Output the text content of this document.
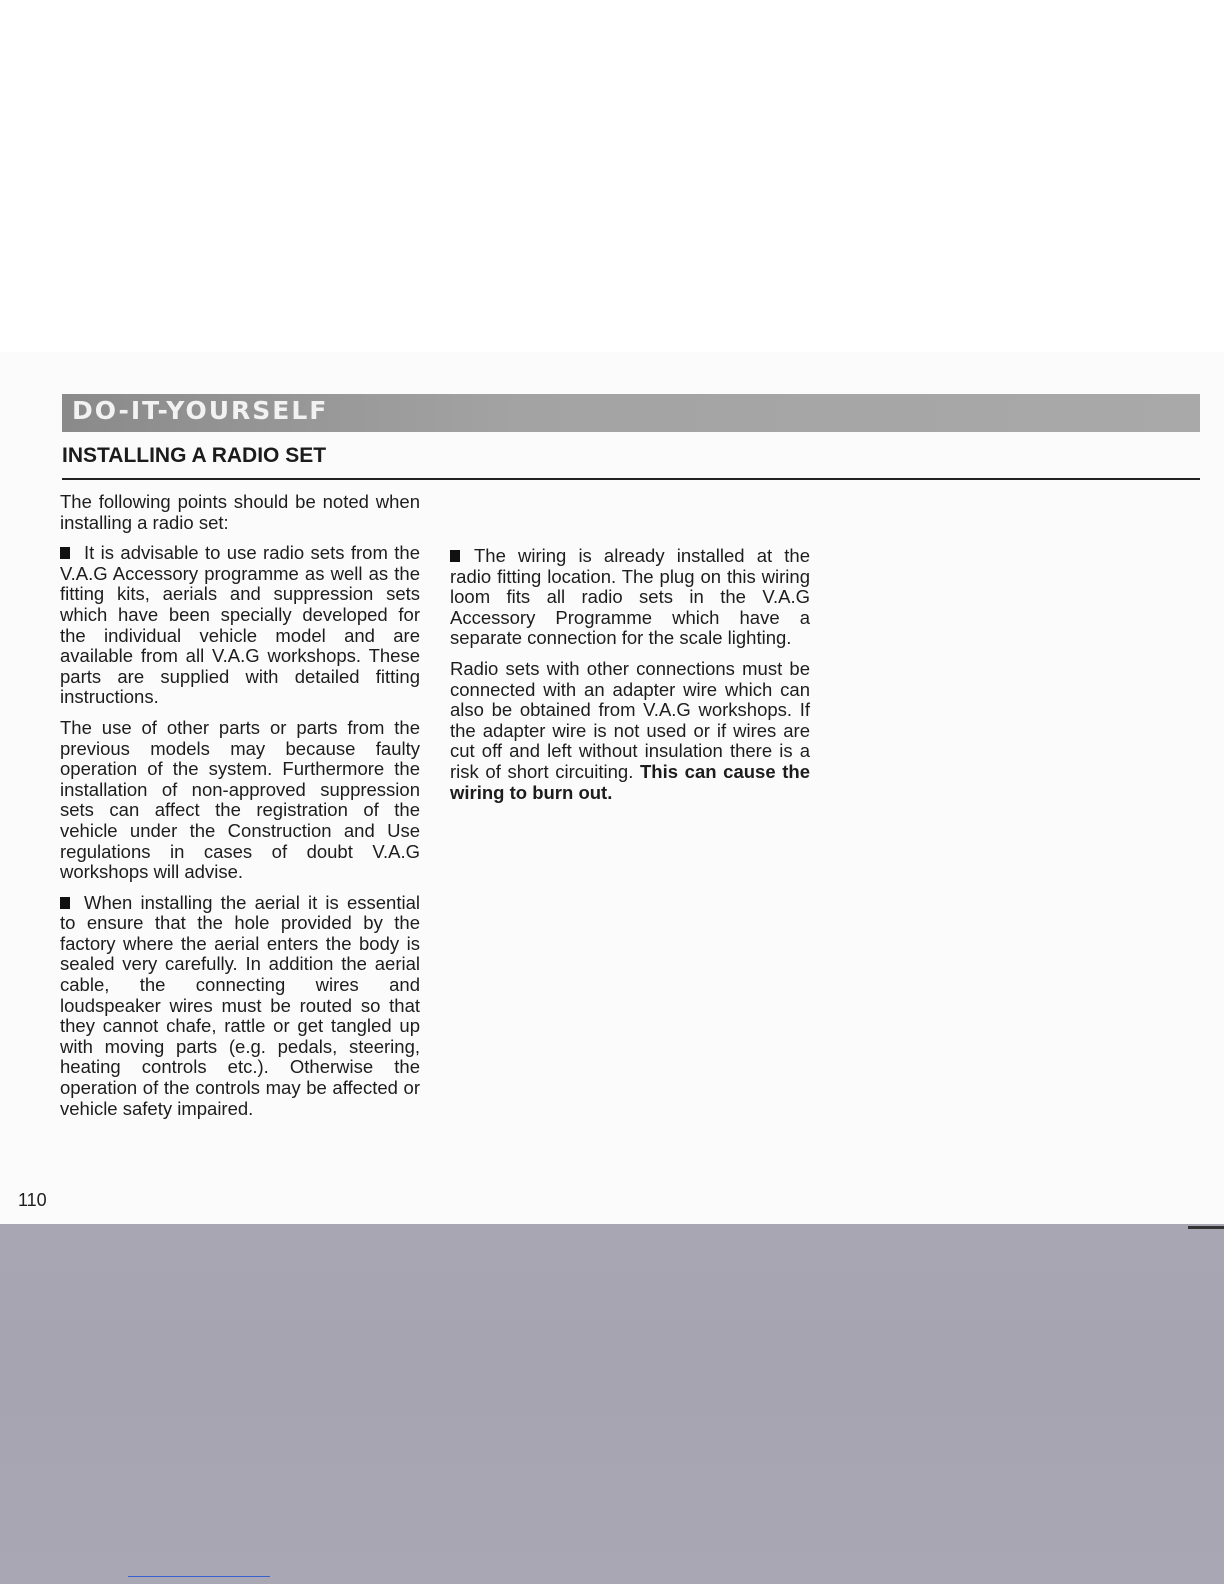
DO-IT-YOURSELF
INSTALLING A RADIO SET

The following points should be noted when installing a radio set:

It is advisable to use radio sets from the V.A.G Accessory programme as well as the fitting kits, aerials and suppression sets which have been specially developed for the individual vehicle model and are available from all V.A.G workshops. These parts are supplied with detailed fitting instructions.

The use of other parts or parts from the previous models may because faulty operation of the system. Furthermore the installation of non-approved suppression sets can affect the registration of the vehicle under the Construction and Use regulations in cases of doubt V.A.G workshops will advise.

When installing the aerial it is essential to ensure that the hole provided by the factory where the aerial enters the body is sealed very carefully. In addition the aerial cable, the connecting wires and loudspeaker wires must be routed so that they cannot chafe, rattle or get tangled up with moving parts (e.g. pedals, steering, heating controls etc.). Otherwise the operation of the controls may be affected or vehicle safety impaired.

The wiring is already installed at the radio fitting location. The plug on this wiring loom fits all radio sets in the V.A.G Accessory Programme which have a separate connection for the scale lighting.

Radio sets with other connections must be connected with an adapter wire which can also be obtained from V.A.G workshops. If the adapter wire is not used or if wires are cut off and left without insulation there is a risk of short circuiting. This can cause the wiring to burn out.

110
